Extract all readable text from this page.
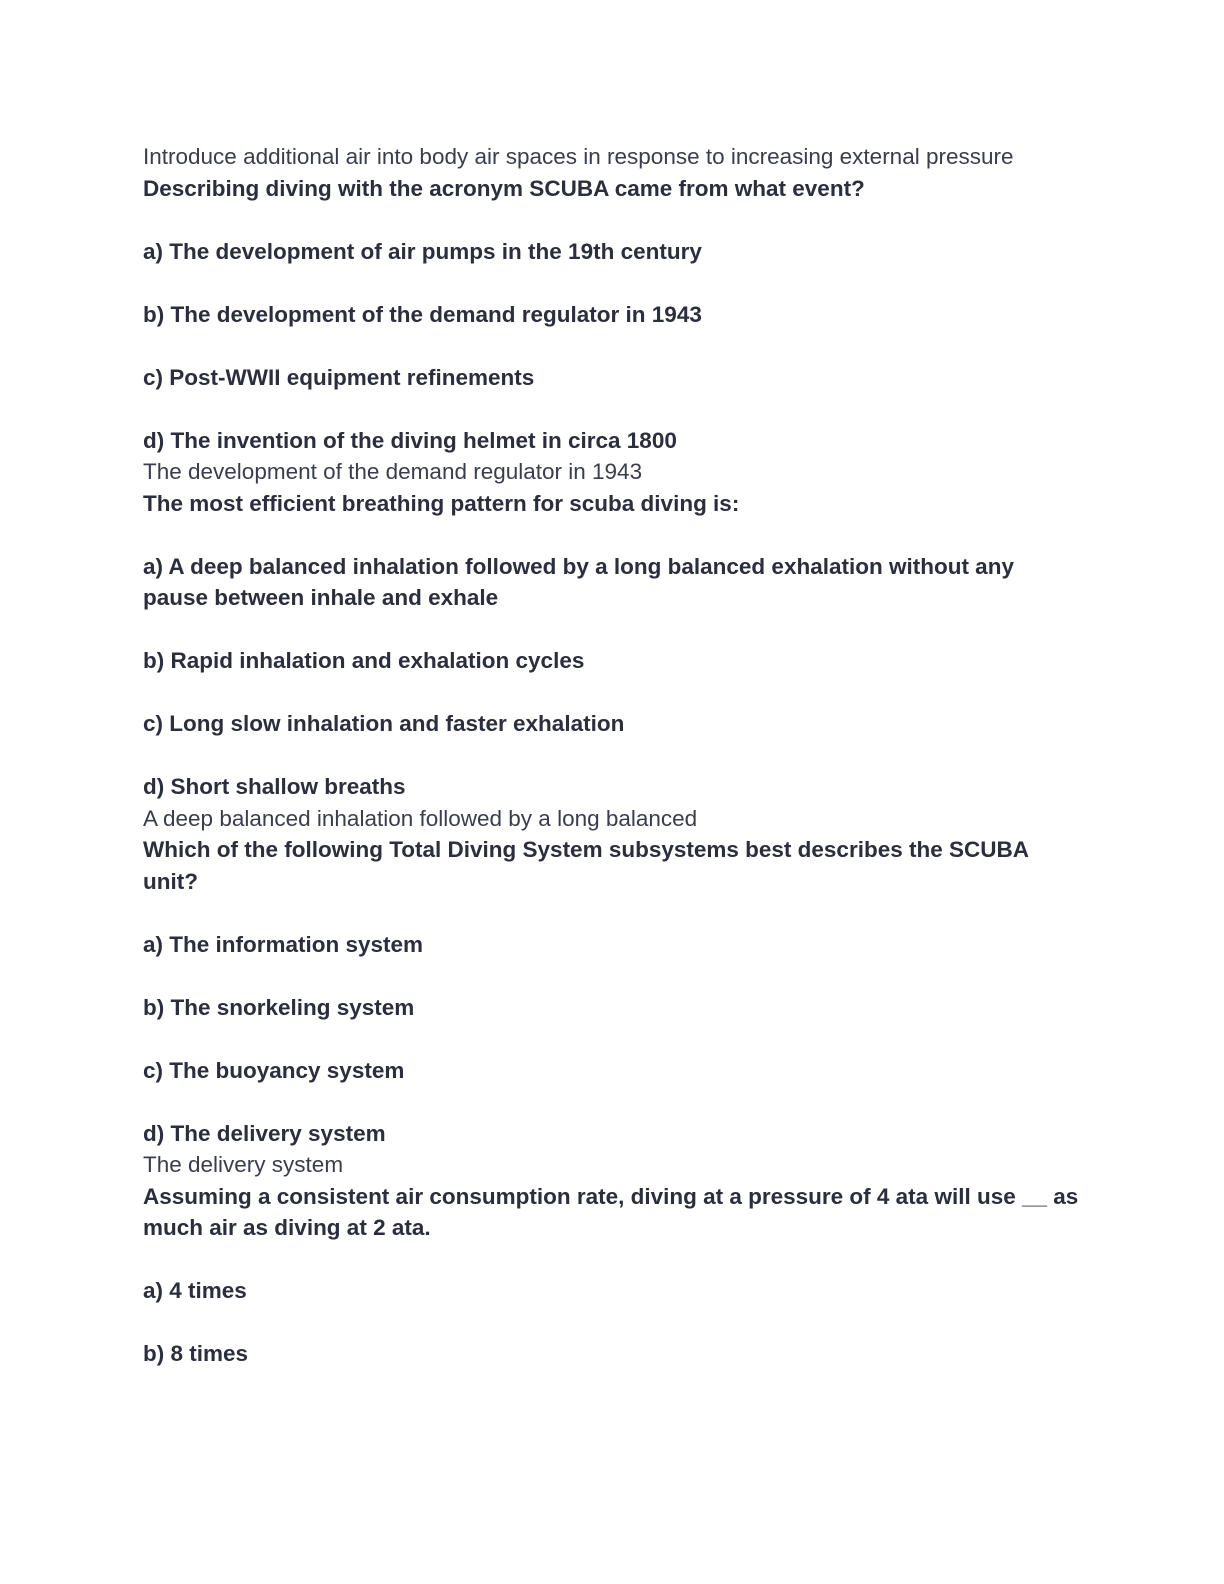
Introduce additional air into body air spaces in response to increasing external pressure

Describing diving with the acronym SCUBA came from what event?

a) The development of air pumps in the 19th century

b) The development of the demand regulator in 1943

c) Post-WWII equipment refinements

d) The invention of the diving helmet in circa 1800

The development of the demand regulator in 1943

The most efficient breathing pattern for scuba diving is:

a) A deep balanced inhalation followed by a long balanced exhalation without any pause between inhale and exhale

b) Rapid inhalation and exhalation cycles

c) Long slow inhalation and faster exhalation

d) Short shallow breaths

A deep balanced inhalation followed by a long balanced

Which of the following Total Diving System subsystems best describes the SCUBA unit?

a) The information system

b) The snorkeling system

c) The buoyancy system

d) The delivery system

The delivery system

Assuming a consistent air consumption rate, diving at a pressure of 4 ata will use __ as much air as diving at 2 ata.

a) 4 times

b) 8 times
